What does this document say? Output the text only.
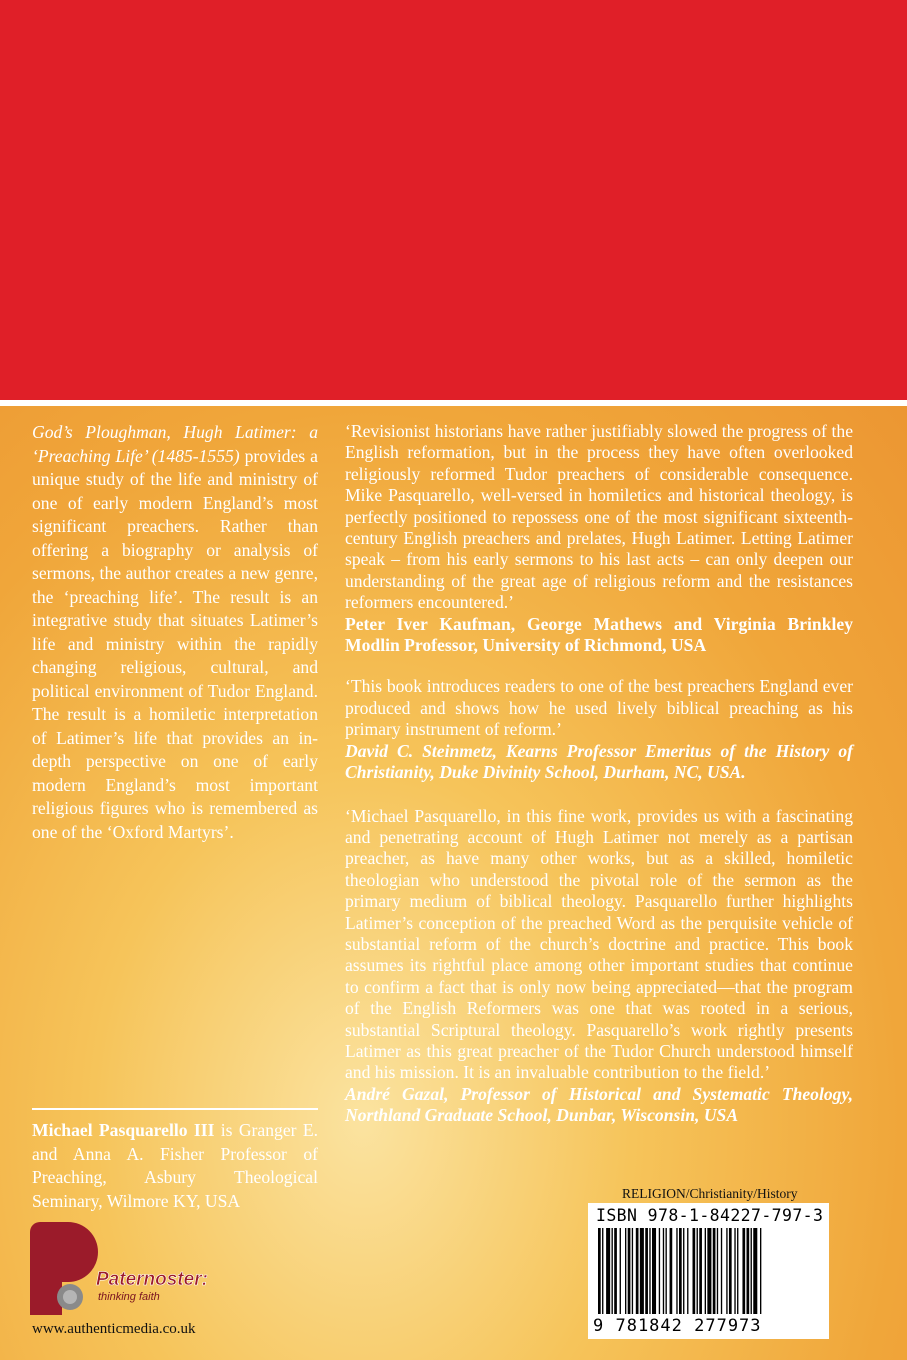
God’s Ploughman, Hugh Latimer: a ‘Preaching Life’ (1485-1555) provides a unique study of the life and ministry of one of early modern England’s most significant preachers. Rather than offering a biography or analysis of sermons, the author creates a new genre, the ‘preaching life’. The result is an integrative study that situates Latimer’s life and ministry within the rapidly changing religious, cultural, and political environment of Tudor England. The result is a homiletic interpretation of Latimer’s life that provides an in-depth perspective on one of early modern England’s most important religious figures who is remembered as one of the ‘Oxford Martyrs’.

‘Revisionist historians have rather justifiably slowed the progress of the English reformation, but in the process they have often overlooked religiously reformed Tudor preachers of considerable consequence. Mike Pasquarello, well-versed in homiletics and historical theology, is perfectly positioned to repossess one of the most significant sixteenth-century English preachers and prelates, Hugh Latimer. Letting Latimer speak – from his early sermons to his last acts – can only deepen our understanding of the great age of religious reform and the resistances reformers encountered.’

Peter Iver Kaufman, George Mathews and Virginia Brinkley Modlin Professor, University of Richmond, USA

‘This book introduces readers to one of the best preachers England ever produced and shows how he used lively biblical preaching as his primary instrument of reform.’

David C. Steinmetz, Kearns Professor Emeritus of the History of Christianity, Duke Divinity School, Durham, NC, USA.

‘Michael Pasquarello, in this fine work, provides us with a fascinating and penetrating account of Hugh Latimer not merely as a partisan preacher, as have many other works, but as a skilled, homiletic theologian who understood the pivotal role of the sermon as the primary medium of biblical theology. Pasquarello further highlights Latimer’s conception of the preached Word as the perquisite vehicle of substantial reform of the church’s doctrine and practice. This book assumes its rightful place among other important studies that continue to confirm a fact that is only now being appreciated—that the program of the English Reformers was one that was rooted in a serious, substantial Scriptural theology. Pasquarello’s work rightly presents Latimer as this great preacher of the Tudor Church understood himself and his mission. It is an invaluable contribution to the field.’

André Gazal, Professor of Historical and Systematic Theology, Northland Graduate School, Dunbar, Wisconsin, USA

Michael Pasquarello III is Granger E. and Anna A. Fisher Professor of Preaching, Asbury Theological Seminary, Wilmore KY, USA
Paternoster:
thinking faith
www.authenticmedia.co.uk
RELIGION/Christianity/History
ISBN 978-1-84227-797-3
9 781842 277973
